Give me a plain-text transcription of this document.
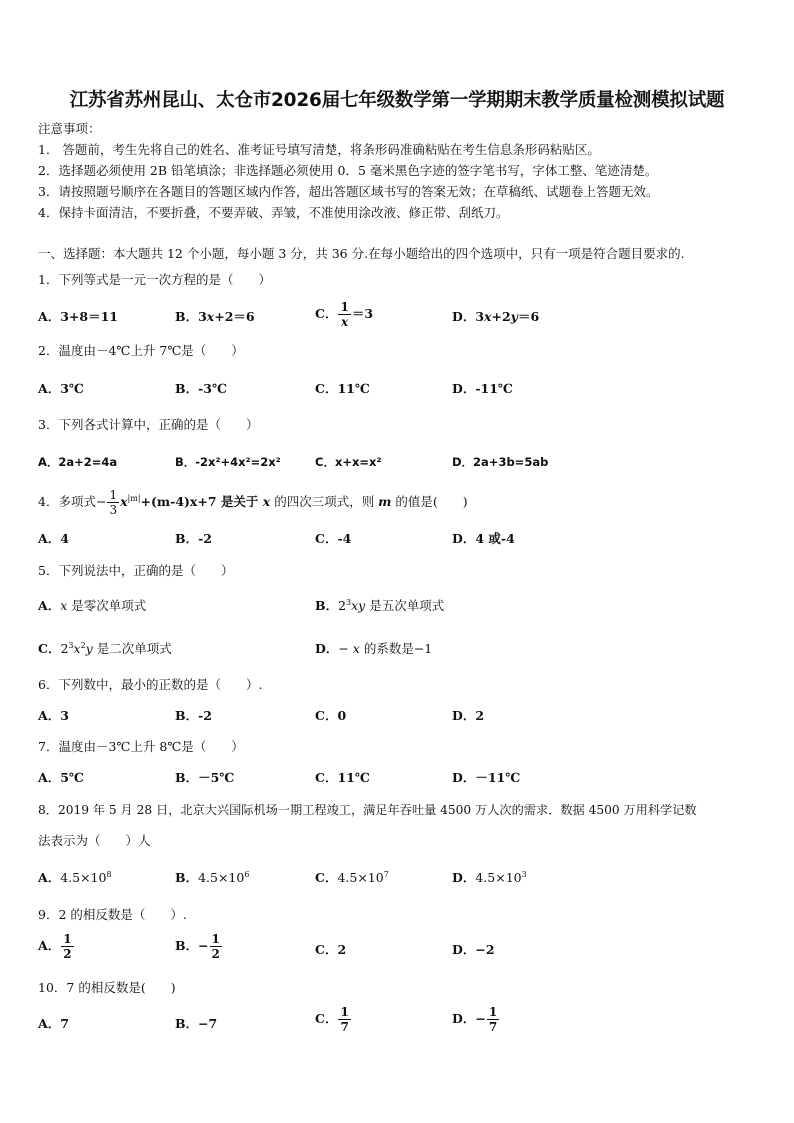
江苏省苏州昆山、太仓市2026届七年级数学第一学期期末教学质量检测模拟试题
注意事项：
1． 答题前，考生先将自己的姓名、准考证号填写清楚，将条形码准确粘贴在考生信息条形码粘贴区。
2．选择题必须使用 2B 铅笔填涂；非选择题必须使用 0．5 毫米黑色字迹的签字笔书写，字体工整、笔迹清楚。
3．请按照题号顺序在各题目的答题区域内作答，超出答题区域书写的答案无效；在草稿纸、试题卷上答题无效。
4．保持卡面清洁，不要折叠，不要弄破、弄皱，不准使用涂改液、修正带、刮纸刀。
一、选择题：本大题共 12 个小题，每小题 3 分，共 36 分.在每小题给出的四个选项中，只有一项是符合题目要求的.
1．下列等式是一元一次方程的是（　　）
A．3+8＝11	B．3x+2＝6	C． $\frac{1}{x} =3$	D．3x+2y＝6
2．温度由－4℃上升 7℃是（　　）
A．3℃	B．-3℃	C．11℃	D．-11℃
3．下列各式计算中，正确的是（　　）
A．2a+2=4a	B．-2x²+4x²=2x²	C．x+x=x²	D．2a+3b=5ab
4．多项式− $\frac{1}{3} x^{|m|}+(m-4)x+7$ 是关于 x 的四次三项式，则 m 的值是(　　)
A．4	B．-2	C．-4	D．4 或-4
5．下列说法中，正确的是（　　）
A．x 是零次单项式	B．$2^3xy$ 是五次单项式
C．$2^3x^2y$ 是二次单项式	D．− x 的系数是−1
6．下列数中，最小的正数的是（　　）.
A．3	B．-2	C．0	D．2
7．温度由－3℃上升 8℃是（　　）
A．5℃	B．－5℃	C．11℃	D．－11℃
8．2019 年 5 月 28 日，北京大兴国际机场一期工程竣工，满足年吞吐量 4500 万人次的需求．数据 4500 万用科学记数
法表示为（　　）人
A．$4.5\times 10^8$	B．$4.5\times 10^6$	C．$4.5\times 10^7$	D．$4.5\times 10^3$
9．2 的相反数是（　　）.
A． $\frac{1}{2}$	B．− $\frac{1}{2}$	C．2	D．−2
10．7 的相反数是(　　)
A．7	B．−7	C． $\frac{1}{7}$	D．− $\frac{1}{7}$
